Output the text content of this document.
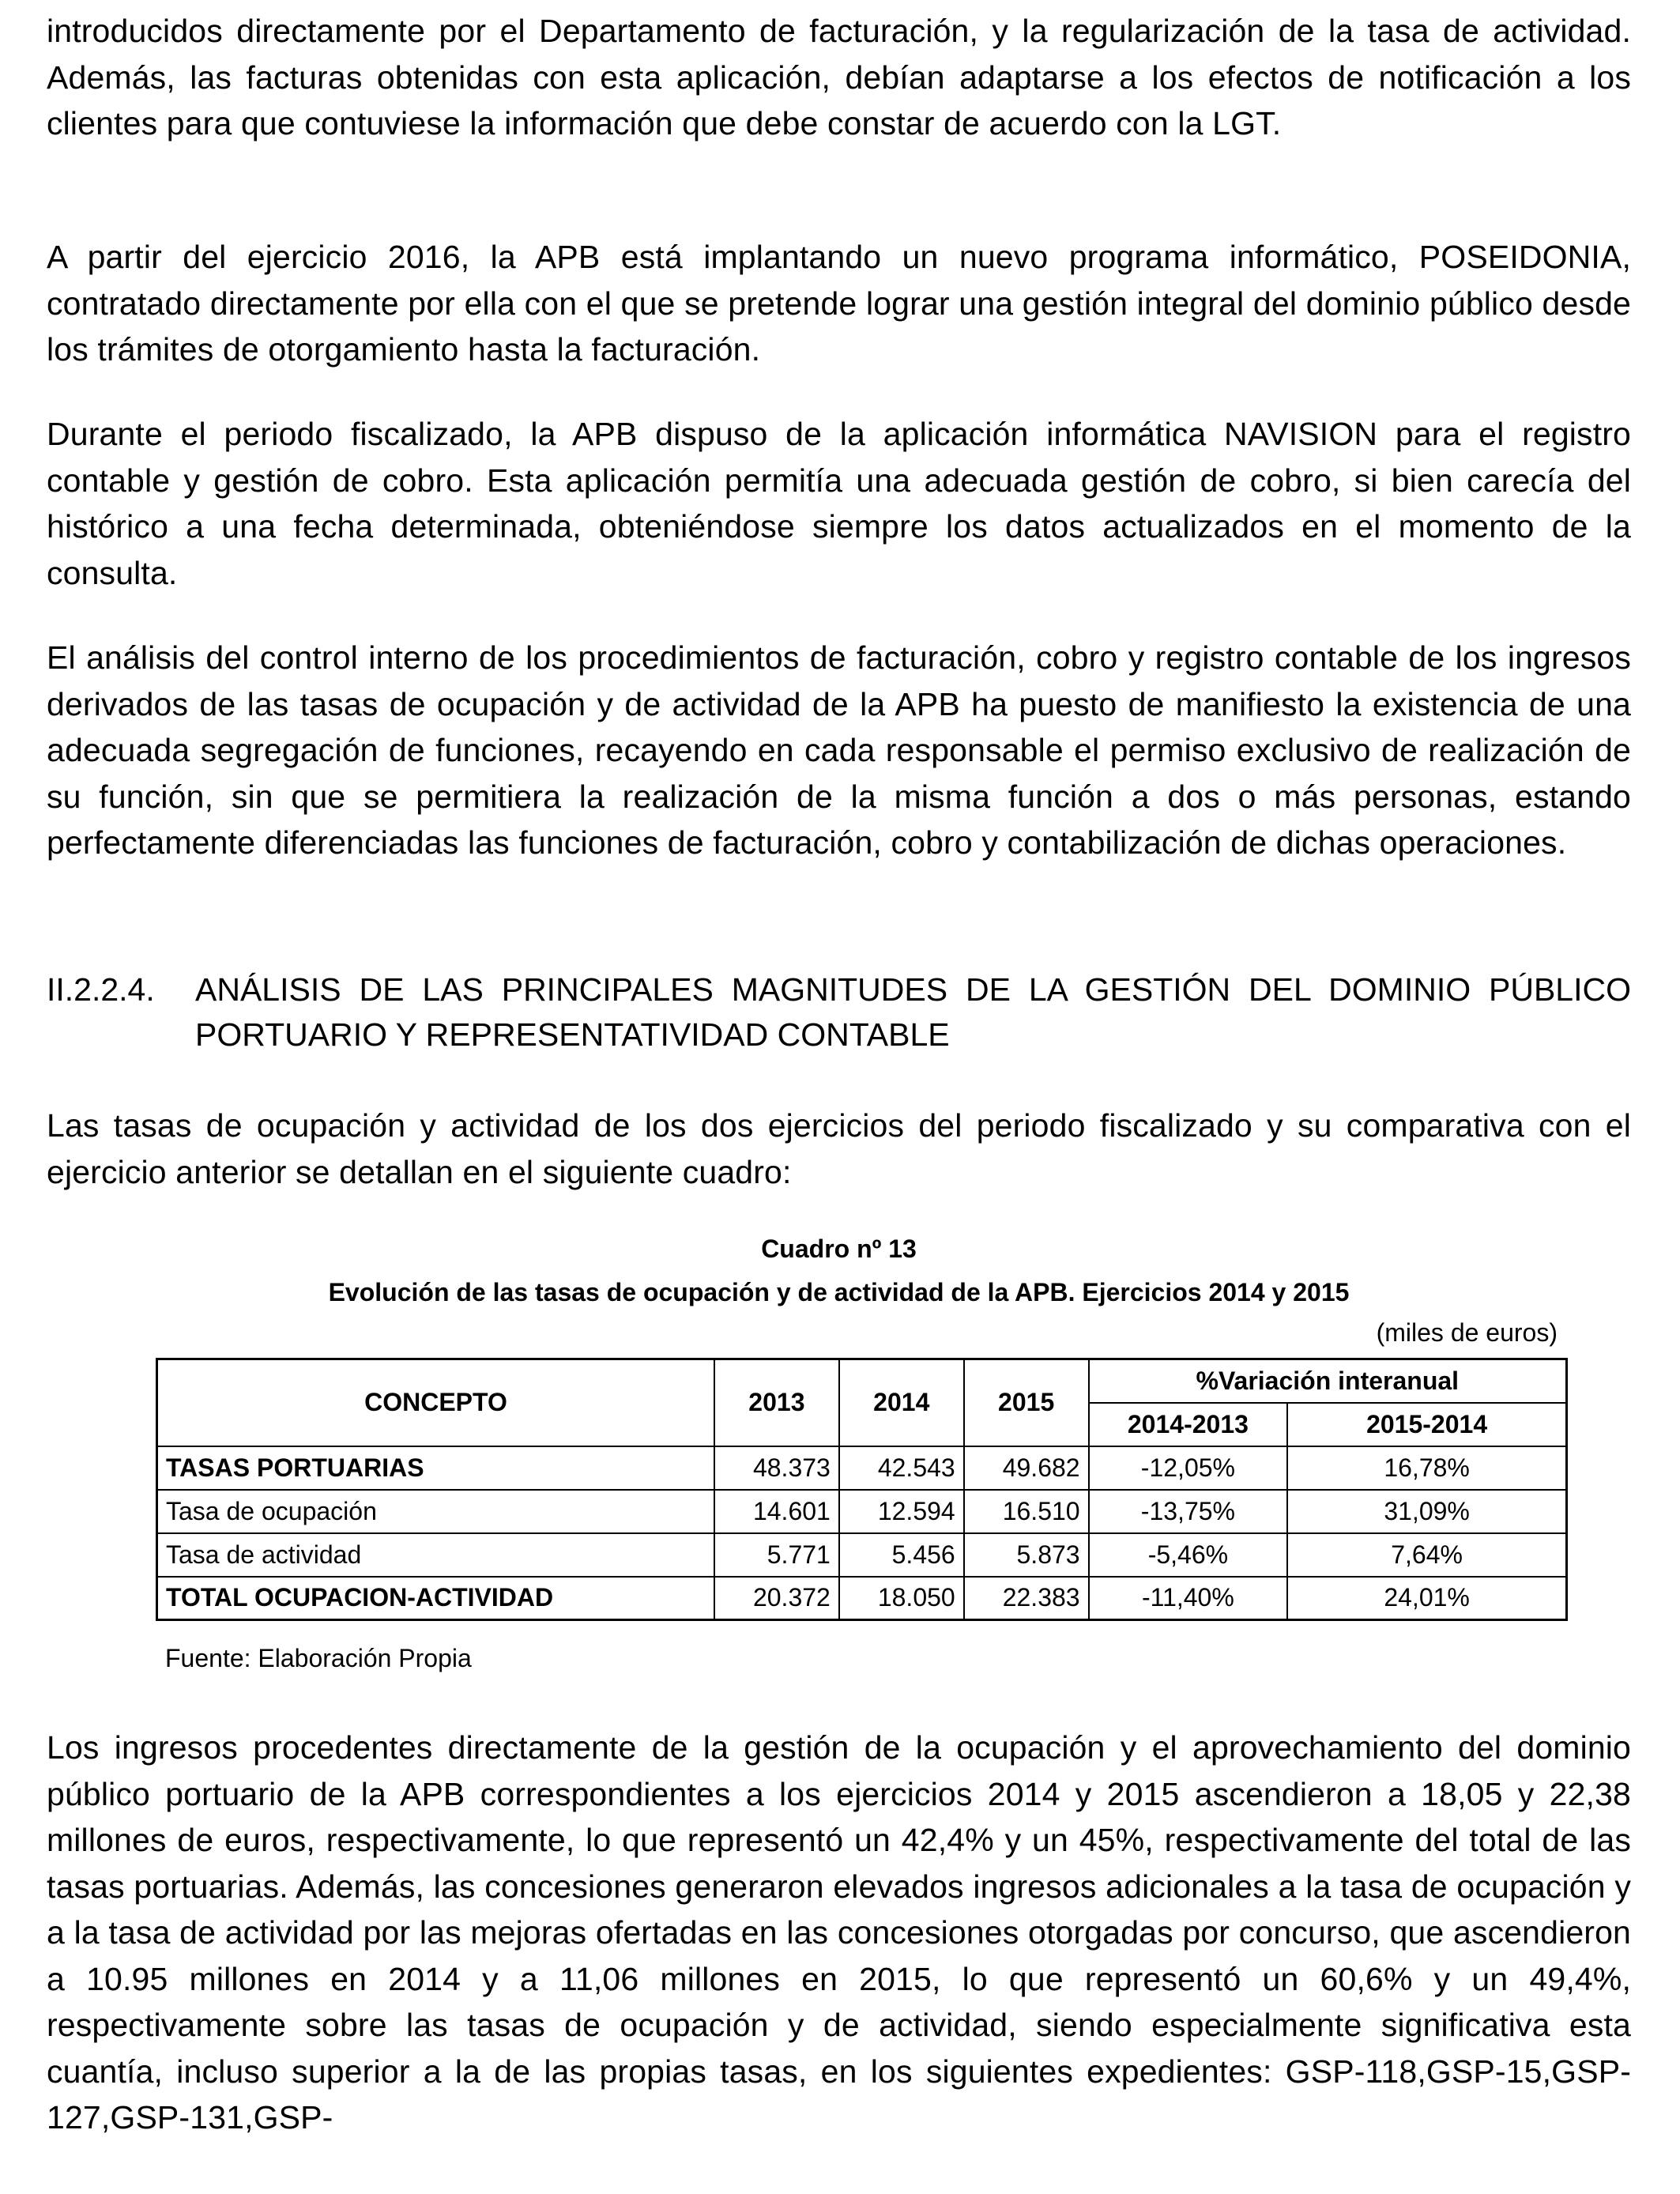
introducidos directamente por el Departamento de facturación, y la regularización de la tasa de actividad. Además, las facturas obtenidas con esta aplicación, debían adaptarse a los efectos de notificación a los clientes para que contuviese la información que debe constar de acuerdo con la LGT.

A partir del ejercicio 2016, la APB está implantando un nuevo programa informático, POSEIDONIA, contratado directamente por ella con el que se pretende lograr una gestión integral del dominio público desde los trámites de otorgamiento hasta la facturación.

Durante el periodo fiscalizado, la APB dispuso de la aplicación informática NAVISION para el registro contable y gestión de cobro. Esta aplicación permitía una adecuada gestión de cobro, si bien carecía del histórico a una fecha determinada, obteniéndose siempre los datos actualizados en el momento de la consulta.

El análisis del control interno de los procedimientos de facturación, cobro y registro contable de los ingresos derivados de las tasas de ocupación y de actividad de la APB ha puesto de manifiesto la existencia de una adecuada segregación de funciones, recayendo en cada responsable el permiso exclusivo de realización de su función, sin que se permitiera la realización de la misma función a dos o más personas, estando perfectamente diferenciadas las funciones de facturación, cobro y contabilización de dichas operaciones.

II.2.2.4. ANÁLISIS DE LAS PRINCIPALES MAGNITUDES DE LA GESTIÓN DEL DOMINIO PÚBLICO PORTUARIO Y REPRESENTATIVIDAD CONTABLE

Las tasas de ocupación y actividad de los dos ejercicios del periodo fiscalizado y su comparativa con el ejercicio anterior se detallan en el siguiente cuadro:

Cuadro nº 13
Evolución de las tasas de ocupación y de actividad de la APB. Ejercicios 2014 y 2015
(miles de euros)
CONCEPTO	2013	2014	2015	%Variación interanual	
				2014-2013	2015-2014
TASAS PORTUARIAS	48.373	42.543	49.682	-12,05%	16,78%
Tasa de ocupación	14.601	12.594	16.510	-13,75%	31,09%
Tasa de actividad	5.771	5.456	5.873	-5,46%	7,64%
TOTAL OCUPACION-ACTIVIDAD	20.372	18.050	22.383	-11,40%	24,01%
Fuente: Elaboración Propia

Los ingresos procedentes directamente de la gestión de la ocupación y el aprovechamiento del dominio público portuario de la APB correspondientes a los ejercicios 2014 y 2015 ascendieron a 18,05 y 22,38 millones de euros, respectivamente, lo que representó un 42,4% y un 45%, respectivamente del total de las tasas portuarias. Además, las concesiones generaron elevados ingresos adicionales a la tasa de ocupación y a la tasa de actividad por las mejoras ofertadas en las concesiones otorgadas por concurso, que ascendieron a 10.95 millones en 2014 y a 11,06 millones en 2015, lo que representó un 60,6% y un 49,4%, respectivamente sobre las tasas de ocupación y de actividad, siendo especialmente significativa esta cuantía, incluso superior a la de las propias tasas, en los siguientes expedientes: GSP-118,GSP-15,GSP-127,GSP-131,GSP-
